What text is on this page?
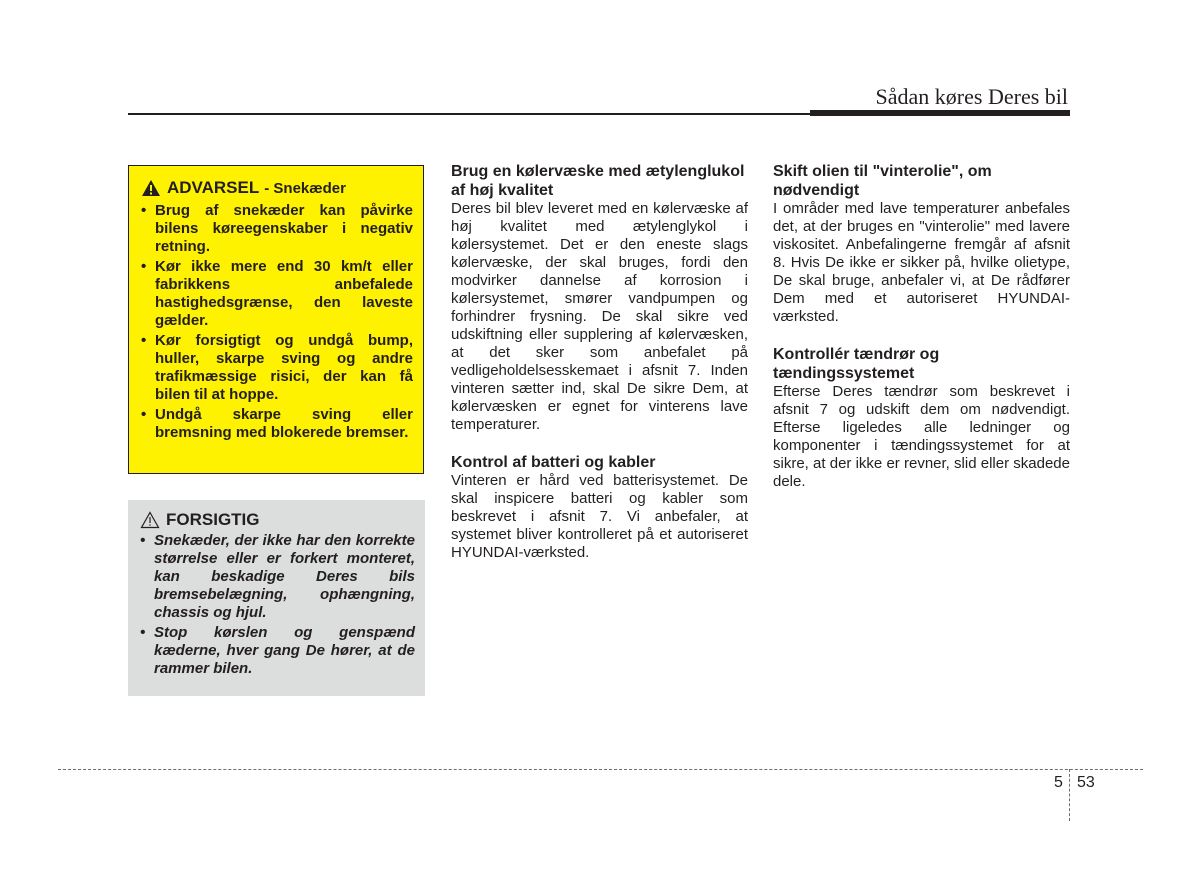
Sådan køres Deres bil
ADVARSEL - Snekæder
• Brug af snekæder kan påvirke bilens køreegenskaber i negativ retning.
• Kør ikke mere end 30 km/t eller fabrikkens anbefalede hastighedsgrænse, den laveste gælder.
• Kør forsigtigt og undgå bump, huller, skarpe sving og andre trafikmæssige risici, der kan få bilen til at hoppe.
• Undgå skarpe sving eller bremsning med blokerede bremser.
FORSIGTIG
• Snekæder, der ikke har den korrekte størrelse eller er forkert monteret, kan beskadige Deres bils bremsebelægning, ophængning, chassis og hjul.
• Stop kørslen og genspænd kæderne, hver gang De hører, at de rammer bilen.
Brug en kølervæske med ætylenglukol af høj kvalitet

Deres bil blev leveret med en kølervæske af høj kvalitet med ætylenglykol i kølersystemet. Det er den eneste slags kølervæske, der skal bruges, fordi den modvirker dannelse af korrosion i kølersystemet, smører vandpumpen og forhindrer frysning. De skal sikre ved udskiftning eller supplering af kølervæsken, at det sker som anbefalet på vedligeholdelsesskemaet i afsnit 7. Inden vinteren sætter ind, skal De sikre Dem, at kølervæsken er egnet for vinterens lave temperaturer.

Kontrol af batteri og kabler

Vinteren er hård ved batterisystemet. De skal inspicere batteri og kabler som beskrevet i afsnit 7. Vi anbefaler, at systemet bliver kontrolleret på et autoriseret HYUNDAI-værksted.

Skift olien til "vinterolie", om nødvendigt

I områder med lave temperaturer anbefales det, at der bruges en "vinterolie" med lavere viskositet. Anbefalingerne fremgår af afsnit 8. Hvis De ikke er sikker på, hvilke olietype, De skal bruge, anbefaler vi, at De rådfører Dem med et autoriseret HYUNDAI-værksted.

Kontrollér tændrør og tændingssystemet

Efterse Deres tændrør som beskrevet i afsnit 7 og udskift dem om nødvendigt. Efterse ligeledes alle ledninger og komponenter i tændingssystemet for at sikre, at der ikke er revner, slid eller skadede dele.

5 53
